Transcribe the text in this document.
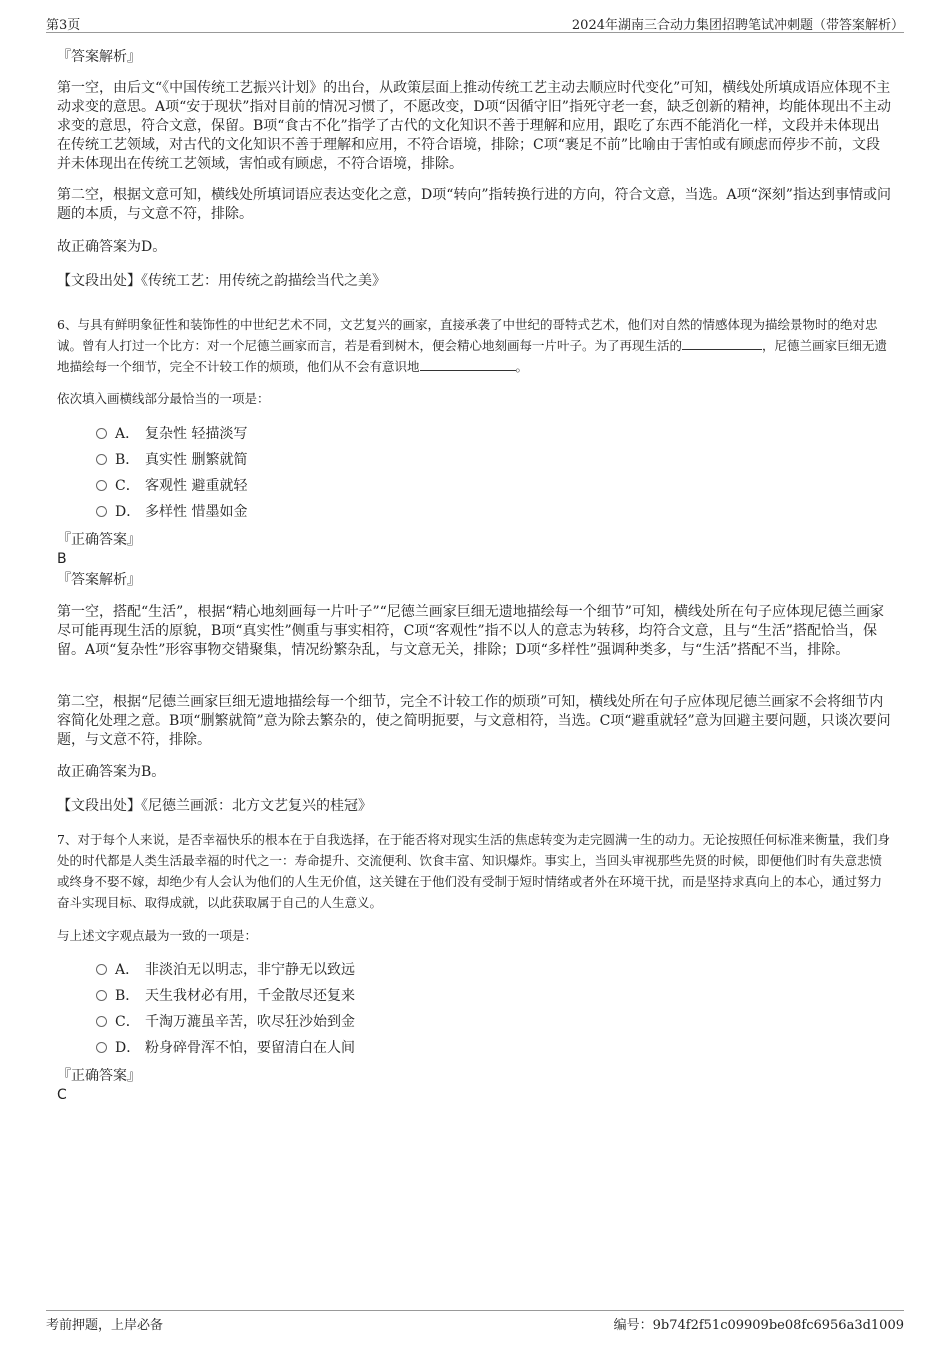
第3页	2024年湖南三合动力集团招聘笔试冲刺题（带答案解析）

『答案解析』

第一空，由后文“《中国传统工艺振兴计划》的出台，从政策层面上推动传统工艺主动去顺应时代变化”可知，横线处所填成语应体现不主动求变的意思。A项“安于现状”指对目前的情况习惯了，不愿改变，D项“因循守旧”指死守老一套，缺乏创新的精神，均能体现出不主动求变的意思，符合文意，保留。B项“食古不化”指学了古代的文化知识不善于理解和应用，跟吃了东西不能消化一样，文段并未体现出在传统工艺领域，对古代的文化知识不善于理解和应用，不符合语境，排除；C项“裹足不前”比喻由于害怕或有顾虑而停步不前，文段并未体现出在传统工艺领域，害怕或有顾虑，不符合语境，排除。

第二空，根据文意可知，横线处所填词语应表达变化之意，D项“转向”指转换行进的方向，符合文意，当选。A项“深刻”指达到事情或问题的本质，与文意不符，排除。

故正确答案为D。

【文段出处】《传统工艺：用传统之韵描绘当代之美》

6、与具有鲜明象征性和装饰性的中世纪艺术不同，文艺复兴的画家，直接承袭了中世纪的哥特式艺术，他们对自然的情感体现为描绘景物时的绝对忠诚。曾有人打过一个比方：对一个尼德兰画家而言，若是看到树木，便会精心地刻画每一片叶子。为了再现生活的	，尼德兰画家巨细无遗地描绘每一个细节，完全不计较工作的烦琐，他们从不会有意识地	。

依次填入画横线部分最恰当的一项是：

A． 复杂性 轻描淡写
B． 真实性 删繁就简
C． 客观性 避重就轻
D． 多样性 惜墨如金

『正确答案』

B

『答案解析』

第一空，搭配“生活”，根据“精心地刻画每一片叶子”“尼德兰画家巨细无遗地描绘每一个细节”可知，横线处所在句子应体现尼德兰画家尽可能再现生活的原貌，B项“真实性”侧重与事实相符，C项“客观性”指不以人的意志为转移，均符合文意，且与“生活”搭配恰当，保留。A项“复杂性”形容事物交错聚集，情况纷繁杂乱，与文意无关，排除；D项“多样性”强调种类多，与“生活”搭配不当，排除。

第二空，根据“尼德兰画家巨细无遗地描绘每一个细节，完全不计较工作的烦琐”可知，横线处所在句子应体现尼德兰画家不会将细节内容简化处理之意。B项“删繁就简”意为除去繁杂的，使之简明扼要，与文意相符，当选。C项“避重就轻”意为回避主要问题，只谈次要问题，与文意不符，排除。

故正确答案为B。

【文段出处】《尼德兰画派：北方文艺复兴的桂冠》

7、对于每个人来说，是否幸福快乐的根本在于自我选择，在于能否将对现实生活的焦虑转变为走完圆满一生的动力。无论按照任何标准来衡量，我们身处的时代都是人类生活最幸福的时代之一：寿命提升、交流便利、饮食丰富、知识爆炸。事实上，当回头审视那些先贤的时候，即便他们时有失意悲愤或终身不娶不嫁，却绝少有人会认为他们的人生无价值，这关键在于他们没有受制于短时情绪或者外在环境干扰，而是坚持求真向上的本心，通过努力奋斗实现目标、取得成就，以此获取属于自己的人生意义。

与上述文字观点最为一致的一项是：

A． 非淡泊无以明志，非宁静无以致远
B． 天生我材必有用，千金散尽还复来
C． 千淘万漉虽辛苦，吹尽狂沙始到金
D． 粉身碎骨浑不怕，要留清白在人间

『正确答案』

C
考前押题，上岸必备	编号：9b74f2f51c09909be08fc6956a3d1009
